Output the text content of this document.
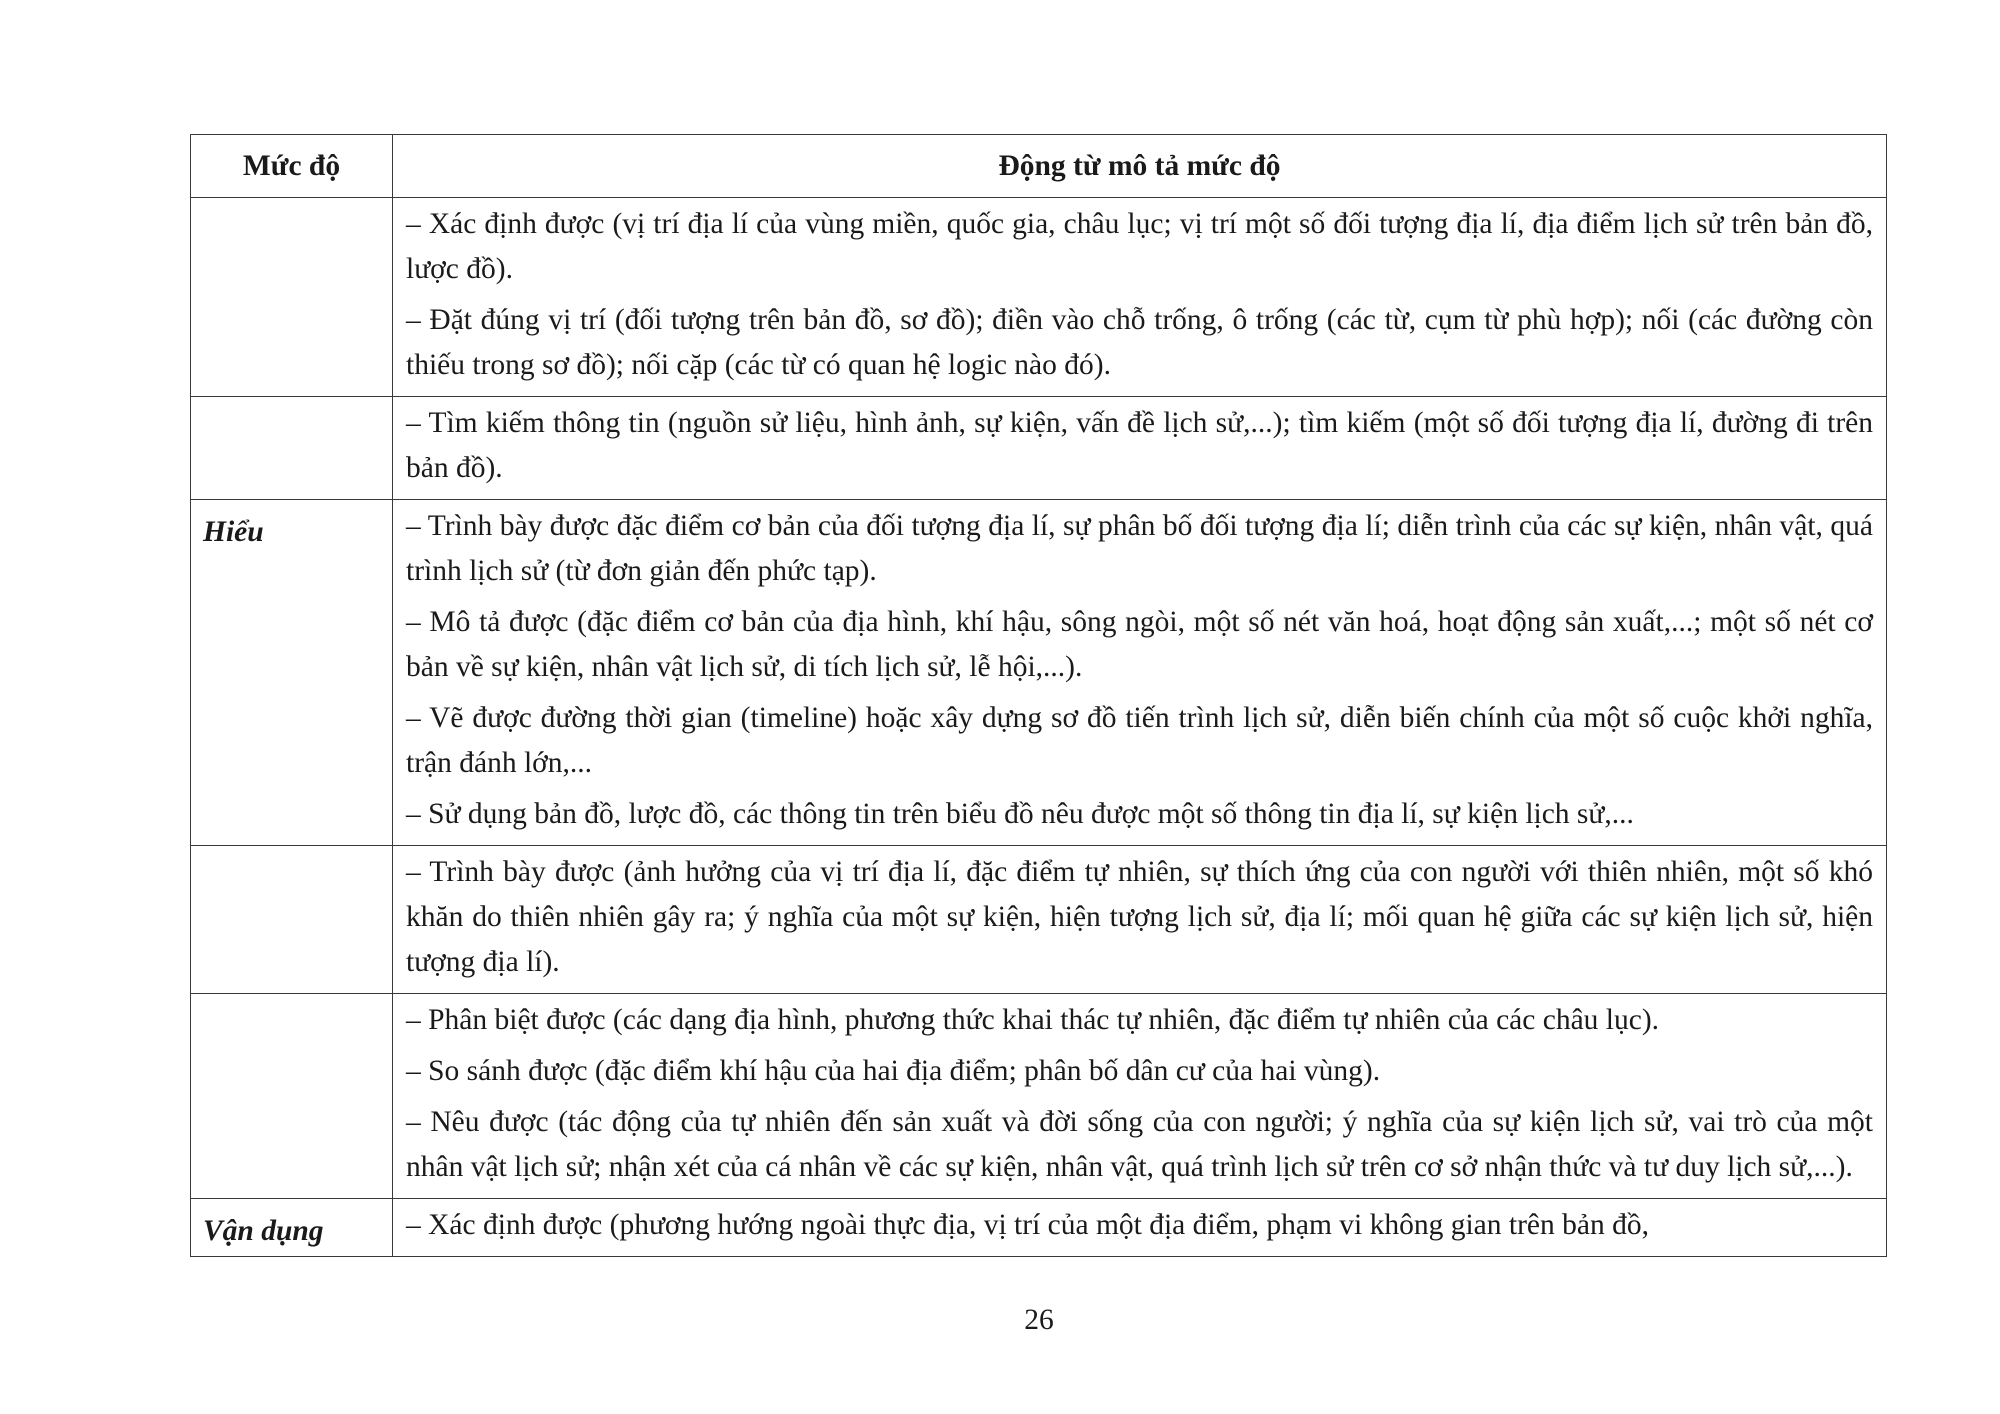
Mức độ	Động từ mô tả mức độ

	– Xác định được (vị trí địa lí của vùng miền, quốc gia, châu lục; vị trí một số đối tượng địa lí, địa điểm lịch sử trên bản đồ, lược đồ).

– Đặt đúng vị trí (đối tượng trên bản đồ, sơ đồ); điền vào chỗ trống, ô trống (các từ, cụm từ phù hợp); nối (các đường còn thiếu trong sơ đồ); nối cặp (các từ có quan hệ logic nào đó).

	– Tìm kiếm thông tin (nguồn sử liệu, hình ảnh, sự kiện, vấn đề lịch sử,...); tìm kiếm (một số đối tượng địa lí, đường đi trên bản đồ).

Hiểu	– Trình bày được đặc điểm cơ bản của đối tượng địa lí, sự phân bố đối tượng địa lí; diễn trình của các sự kiện, nhân vật, quá trình lịch sử (từ đơn giản đến phức tạp).

– Mô tả được (đặc điểm cơ bản của địa hình, khí hậu, sông ngòi, một số nét văn hoá, hoạt động sản xuất,...; một số nét cơ bản về sự kiện, nhân vật lịch sử, di tích lịch sử, lễ hội,...).

– Vẽ được đường thời gian (timeline) hoặc xây dựng sơ đồ tiến trình lịch sử, diễn biến chính của một số cuộc khởi nghĩa, trận đánh lớn,...

– Sử dụng bản đồ, lược đồ, các thông tin trên biểu đồ nêu được một số thông tin địa lí, sự kiện lịch sử,...

	– Trình bày được (ảnh hưởng của vị trí địa lí, đặc điểm tự nhiên, sự thích ứng của con người với thiên nhiên, một số khó khăn do thiên nhiên gây ra; ý nghĩa của một sự kiện, hiện tượng lịch sử, địa lí; mối quan hệ giữa các sự kiện lịch sử, hiện tượng địa lí).

	– Phân biệt được (các dạng địa hình, phương thức khai thác tự nhiên, đặc điểm tự nhiên của các châu lục).

– So sánh được (đặc điểm khí hậu của hai địa điểm; phân bố dân cư của hai vùng).

– Nêu được (tác động của tự nhiên đến sản xuất và đời sống của con người; ý nghĩa của sự kiện lịch sử, vai trò của một nhân vật lịch sử; nhận xét của cá nhân về các sự kiện, nhân vật, quá trình lịch sử trên cơ sở nhận thức và tư duy lịch sử,...).

Vận dụng	– Xác định được (phương hướng ngoài thực địa, vị trí của một địa điểm, phạm vi không gian trên bản đồ,

26
